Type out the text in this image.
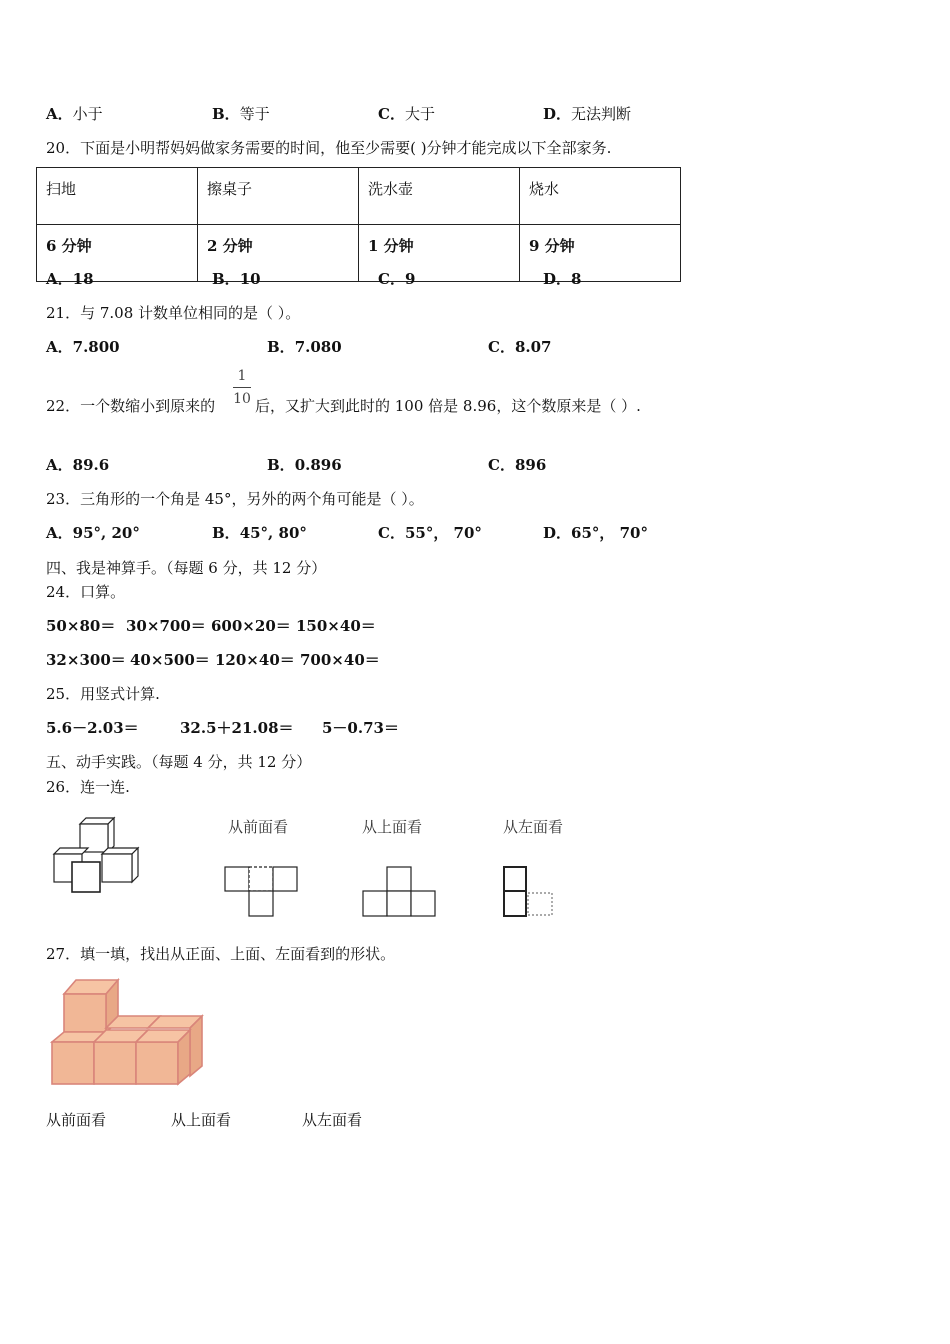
A．小于	B．等于	C．大于	D．无法判断
20．下面是小明帮妈妈做家务需要的时间，他至少需要( )分钟才能完成以下全部家务.
扫地	擦桌子	洗水壶	烧水
6 分钟	2 分钟	1 分钟	9 分钟
A．18	B．10	C．9	D．8
21．与 7.08 计数单位相同的是（ ）。
A．7.800	B．7.080	C．8.07
22．一个数缩小到原来的
1
10 后，又扩大到此时的 100 倍是 8.96，这个数原来是（ ）.
A．89.6	B．0.896	C．896
23．三角形的一个角是 45°，另外的两个角可能是（ ）。
A．95°, 20°	B．45°, 80°	C．55°， 70°	D．65°， 70°
四、我是神算手。（每题 6 分，共 12 分）
24．口算。
50×80＝ 30×700＝ 600×20＝ 150×40＝
32×300＝ 40×500＝ 120×40＝ 700×40＝
25．用竖式计算.
5.6－2.03＝	32.5＋21.08＝ 5－0.73＝
五、动手实践。（每题 4 分，共 12 分）
26．连一连.
从前面看	从上面看	从左面看
27．填一填，找出从正面、上面、左面看到的形状。
从前面看	从上面看	从左面看
